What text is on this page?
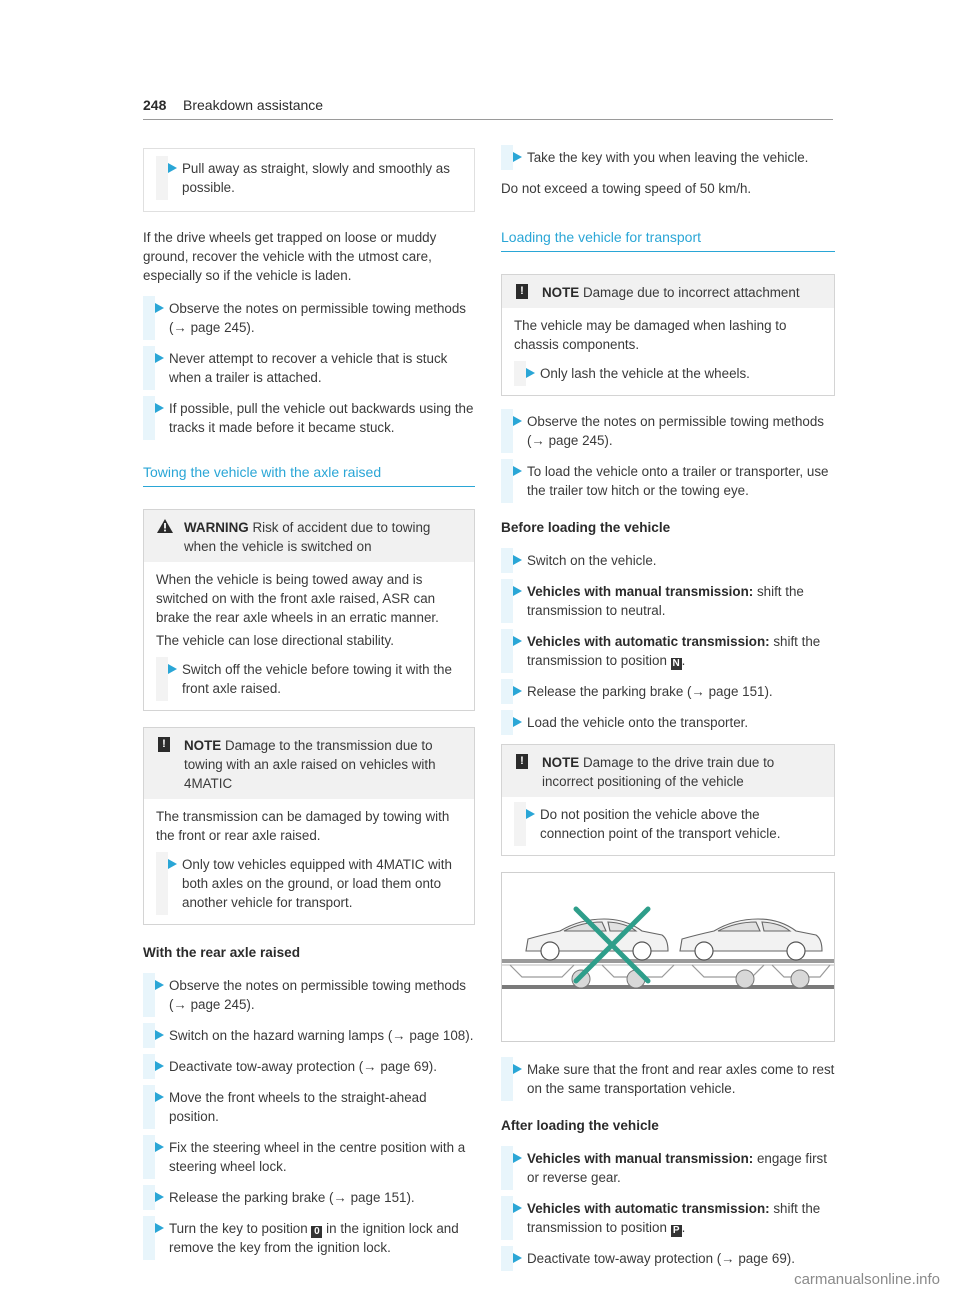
248 Breakdown assistance
Pull away as straight, slowly and smoothly as possible.

If the drive wheels get trapped on loose or muddy ground, recover the vehicle with the utmost care, especially so if the vehicle is laden.

Observe the notes on permissible towing methods (→ page 245).
Never attempt to recover a vehicle that is stuck when a trailer is attached.
If possible, pull the vehicle out backwards using the tracks it made before it became stuck.
Towing the vehicle with the axle raised
WARNING Risk of accident due to towing when the vehicle is switched on

When the vehicle is being towed away and is switched on with the front axle raised, ASR can brake the rear axle wheels in an erratic manner.

The vehicle can lose directional stability.

Switch off the vehicle before towing it with the front axle raised.
!	NOTE Damage to the transmission due to towing with an axle raised on vehicles with 4MATIC

The transmission can be damaged by towing with the front or rear axle raised.

Only tow vehicles equipped with 4MATIC with both axles on the ground, or load them onto another vehicle for transport.
With the rear axle raised
Observe the notes on permissible towing methods (→ page 245).
Switch on the hazard warning lamps (→ page 108).
Deactivate tow-away protection (→ page 69).
Move the front wheels to the straight-ahead position.
Fix the steering wheel in the centre position with a steering wheel lock.
Release the parking brake (→ page 151).
Turn the key to position 0 in the ignition lock and remove the key from the ignition lock.
Take the key with you when leaving the vehicle.

Do not exceed a towing speed of 50 km/h.

Loading the vehicle for transport
!	NOTE Damage due to incorrect attachment

The vehicle may be damaged when lashing to chassis components.

Only lash the vehicle at the wheels.
Observe the notes on permissible towing methods (→ page 245).
To load the vehicle onto a trailer or transporter, use the trailer tow hitch or the towing eye.
Before loading the vehicle
Switch on the vehicle.
Vehicles with manual transmission: shift the transmission to neutral.
Vehicles with automatic transmission: shift the transmission to position N .
Release the parking brake (→ page 151).
Load the vehicle onto the transporter.
!	NOTE Damage to the drive train due to incorrect positioning of the vehicle
Do not position the vehicle above the connection point of the transport vehicle.
Make sure that the front and rear axles come to rest on the same transportation vehicle.
After loading the vehicle
Vehicles with manual transmission: engage first or reverse gear.
Vehicles with automatic transmission: shift the transmission to position P .
Deactivate tow-away protection (→ page 69).
carmanualsonline.info
